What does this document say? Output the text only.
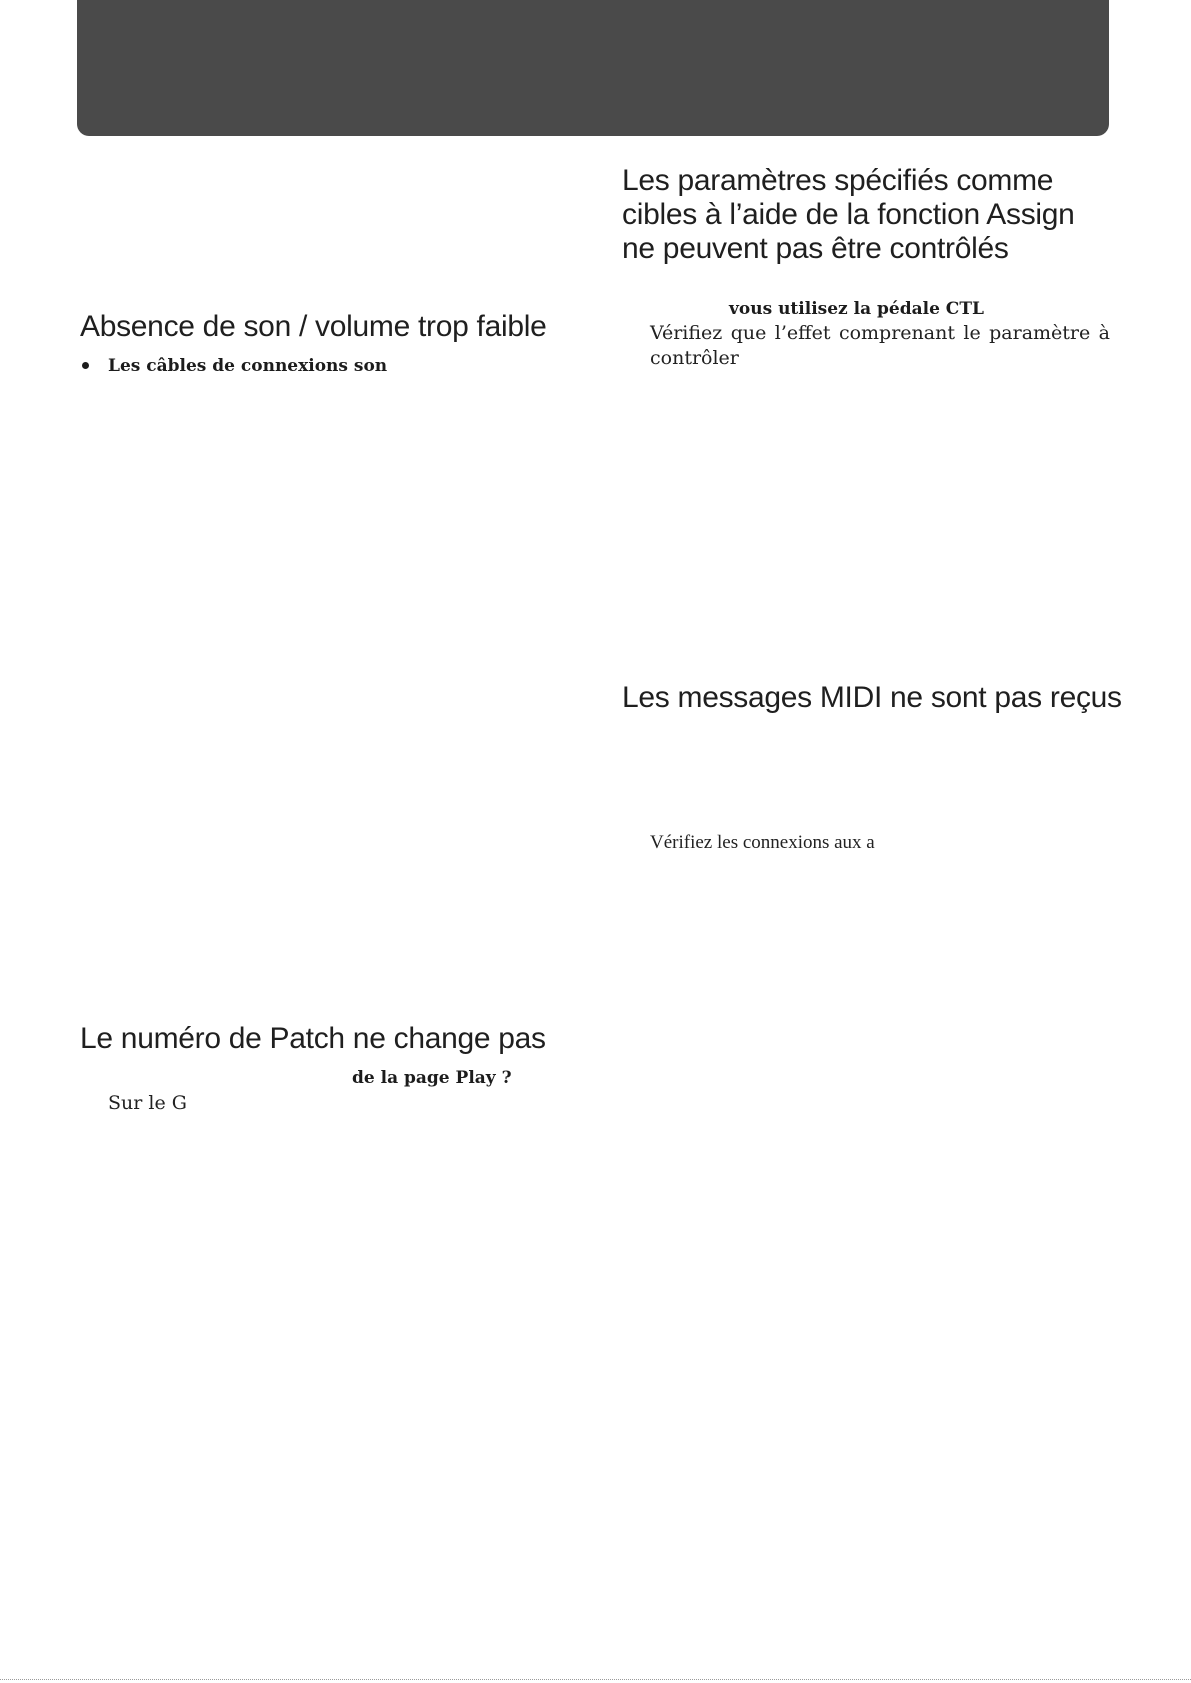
Absence de son / volume trop faible

Les câbles de connexions son

Le numéro de Patch ne change pas

de la page Play ?

Sur le G

Les paramètres spécifiés comme
cibles à l’aide de la fonction Assign
ne peuvent pas être contrôlés

vous utilisez la pédale CTL

Vérifiez que l’effet comprenant le paramètre à

contrôler

Les messages MIDI ne sont pas reçus

Vérifiez les connexions aux a
